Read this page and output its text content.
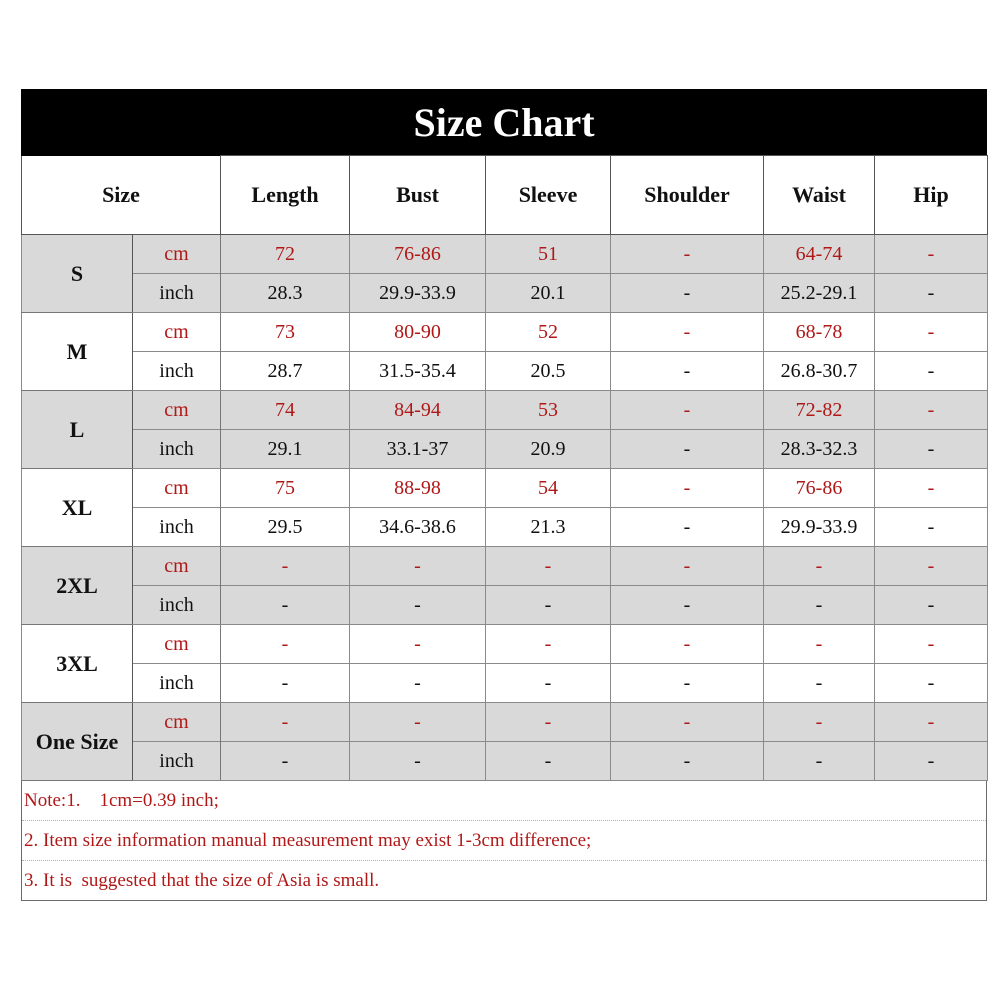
Size Chart
Size		Length	Bust	Sleeve	Shoulder	Waist	Hip
S	cm	72	76-86	51	-	64-74	-
	inch	28.3	29.9-33.9	20.1	-	25.2-29.1	-
M	cm	73	80-90	52	-	68-78	-
	inch	28.7	31.5-35.4	20.5	-	26.8-30.7	-
L	cm	74	84-94	53	-	72-82	-
	inch	29.1	33.1-37	20.9	-	28.3-32.3	-
XL	cm	75	88-98	54	-	76-86	-
	inch	29.5	34.6-38.6	21.3	-	29.9-33.9	-
2XL	cm	-	-	-	-	-	-
	inch	-	-	-	-	-	-
3XL	cm	-	-	-	-	-	-
	inch	-	-	-	-	-	-
One Size	cm	-	-	-	-	-	-
	inch	-	-	-	-	-	-
Note:1.    1cm=0.39 inch;
2. Item size information manual measurement may exist 1-3cm difference;
3. It is  suggested that the size of Asia is small.
